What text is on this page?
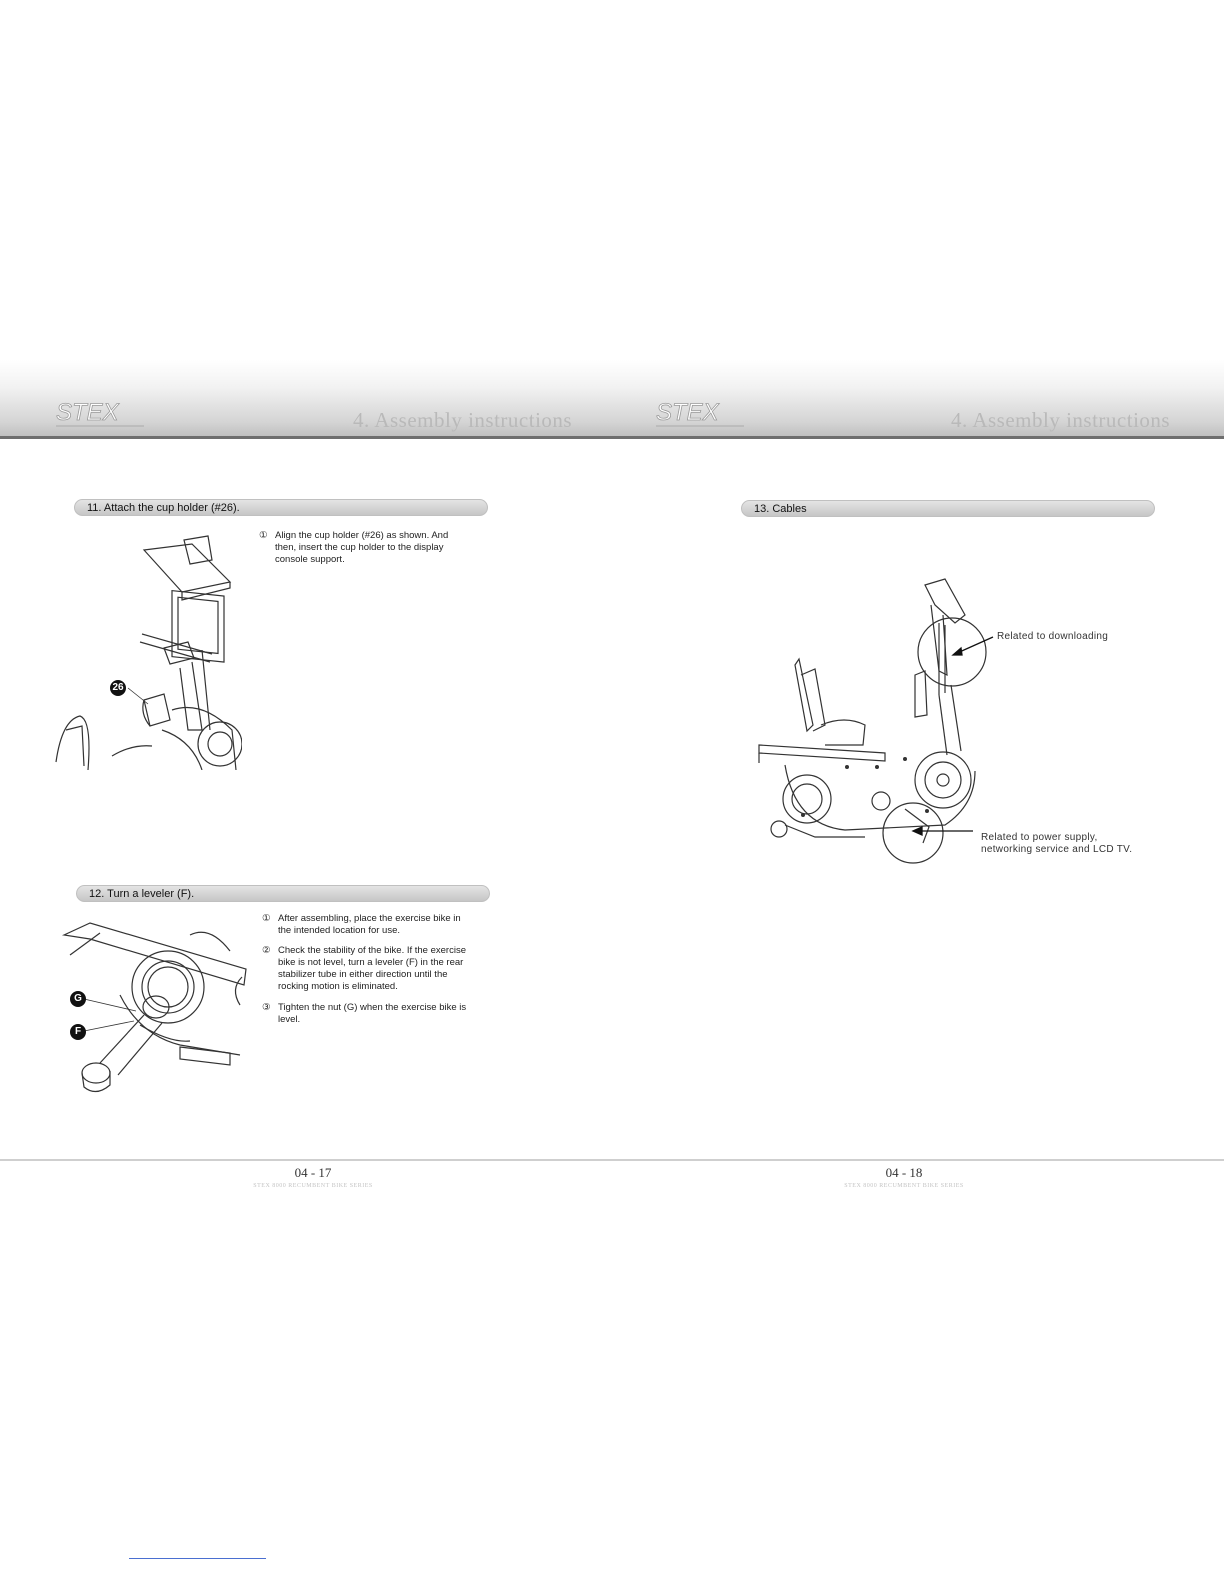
STEX	4. Assembly instructions	STEX	4. Assembly instructions
11. Attach the cup holder (#26).
26
① Align the cup holder (#26) as shown. And
then, insert the cup holder to the display
console support.
12. Turn a leveler (F).
G
F
① After assembling, place the exercise bike in
the intended location for use.
② Check the stability of the bike. If the exercise
bike is not level, turn a leveler (F) in the rear
stabilizer tube in either direction until the
rocking motion is eliminated.
③ Tighten the nut (G) when the exercise bike is
level.
13. Cables
Related to downloading
Related to power supply,
networking service and LCD TV.
04 - 17
STEX 8000 RECUMBENT BIKE SERIES
04 - 18
STEX 8000 RECUMBENT BIKE SERIES
